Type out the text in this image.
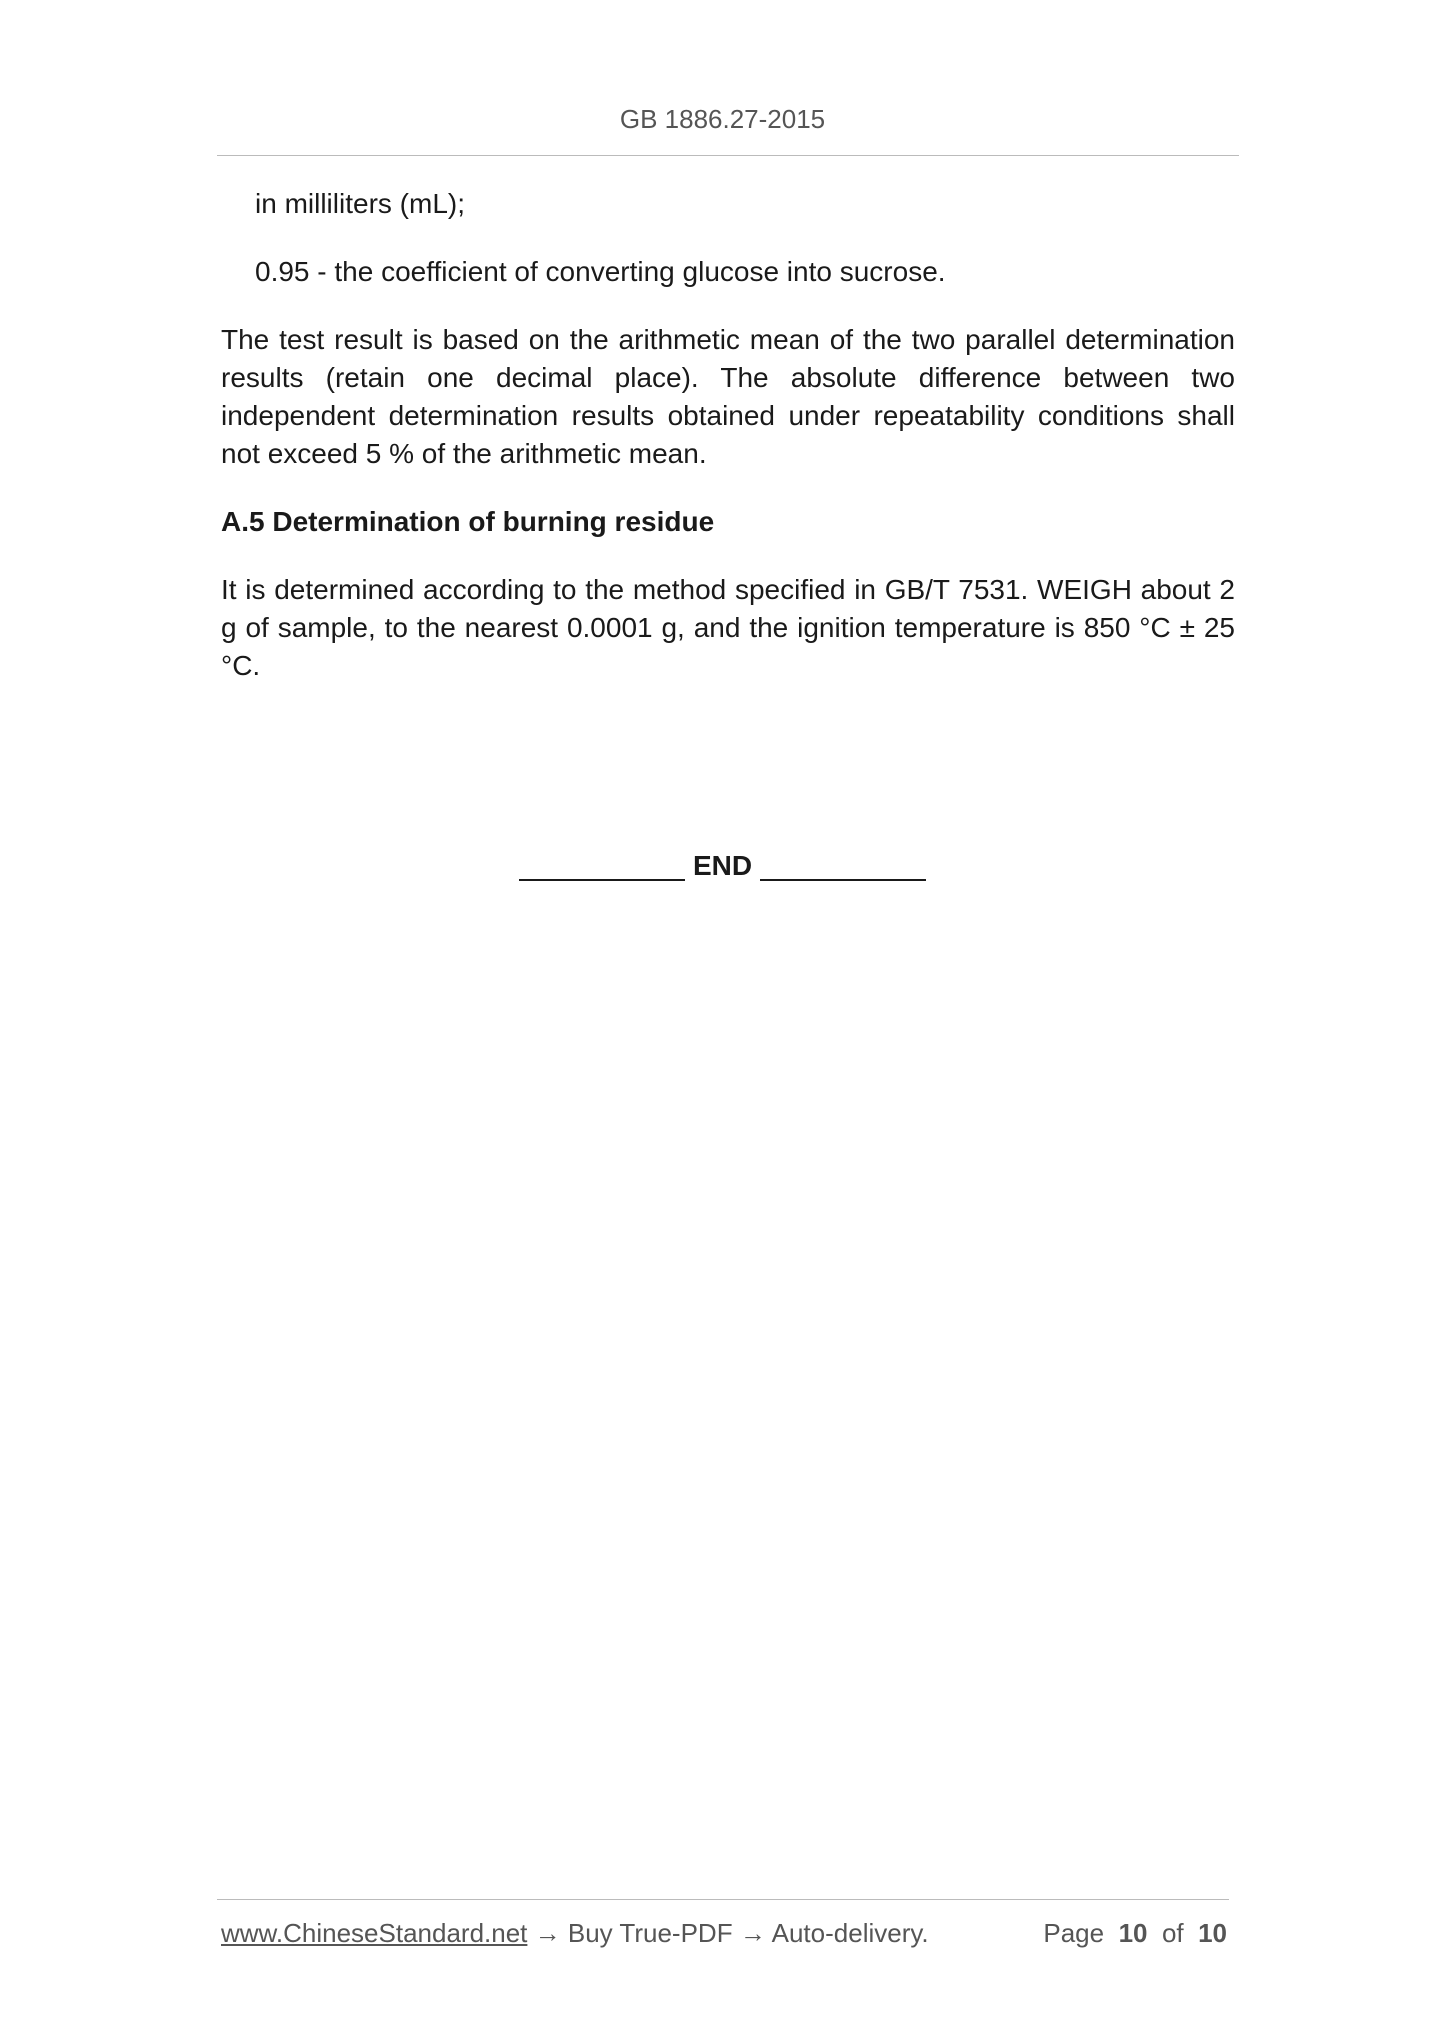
GB 1886.27-2015

in milliliters (mL);

0.95 - the coefficient of converting glucose into sucrose.

The test result is based on the arithmetic mean of the two parallel determination results (retain one decimal place). The absolute difference between two independent determination results obtained under repeatability conditions shall not exceed 5 % of the arithmetic mean.

A.5 Determination of burning residue

It is determined according to the method specified in GB/T 7531. WEIGH about 2 g of sample, to the nearest 0.0001 g, and the ignition temperature is 850 °C ± 25 °C.

END
www.ChineseStandard.net → Buy True-PDF → Auto-delivery.	Page 10 of 10
